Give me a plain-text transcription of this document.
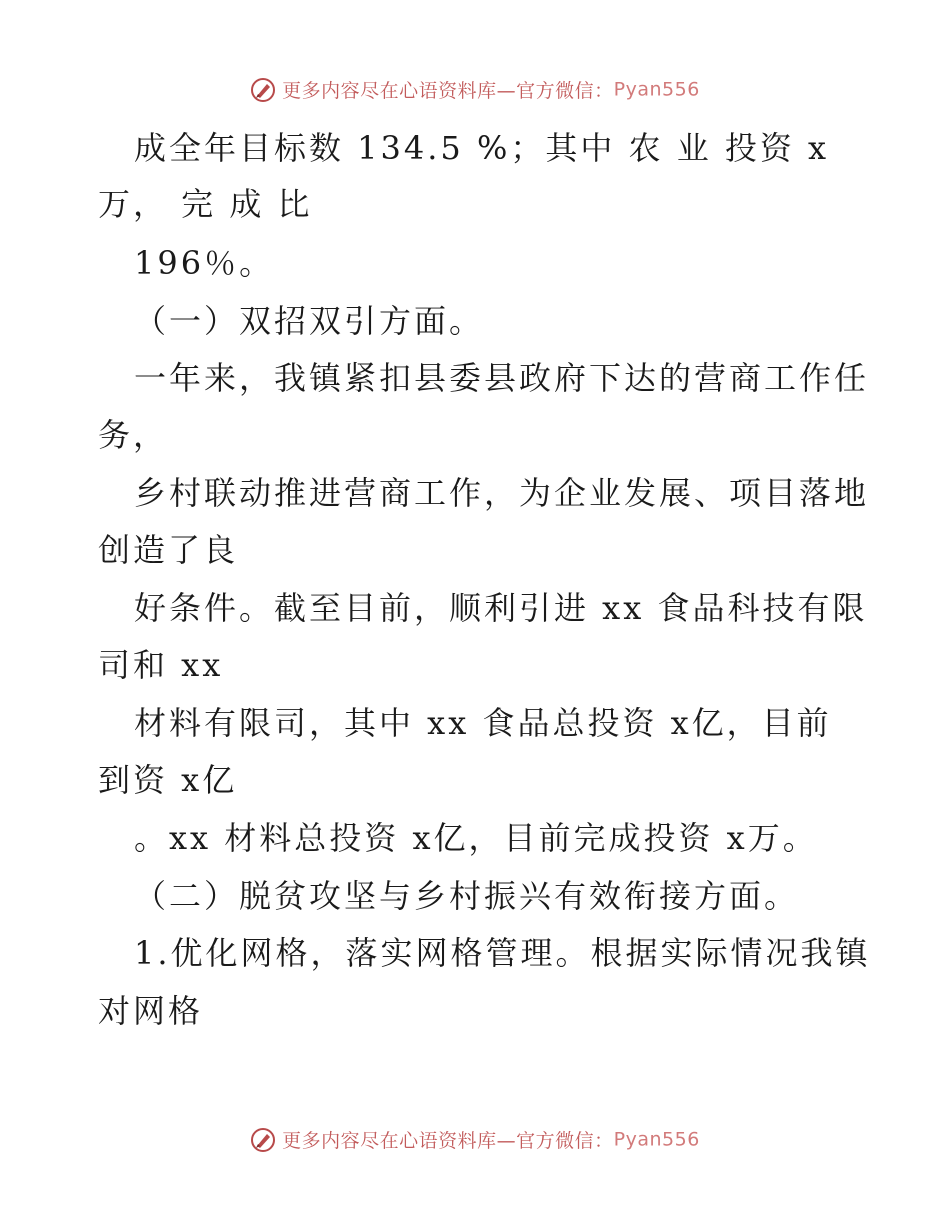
更多内容尽在心语资料库—官方微信：Pyan556
成全年目标数 134.5 %；其中 农 业 投资 x
万， 完 成 比
196％。
（一）双招双引方面。
一年来，我镇紧扣县委县政府下达的营商工作任
务，
乡村联动推进营商工作，为企业发展、项目落地
创造了良
好条件。截至目前，顺利引进 xx 食品科技有限
司和 xx
材料有限司，其中 xx 食品总投资 x亿，目前
到资 x亿
。xx 材料总投资 x亿，目前完成投资 x万。
（二）脱贫攻坚与乡村振兴有效衔接方面。
1.优化网格，落实网格管理。根据实际情况我镇
对网格
更多内容尽在心语资料库—官方微信：Pyan556
